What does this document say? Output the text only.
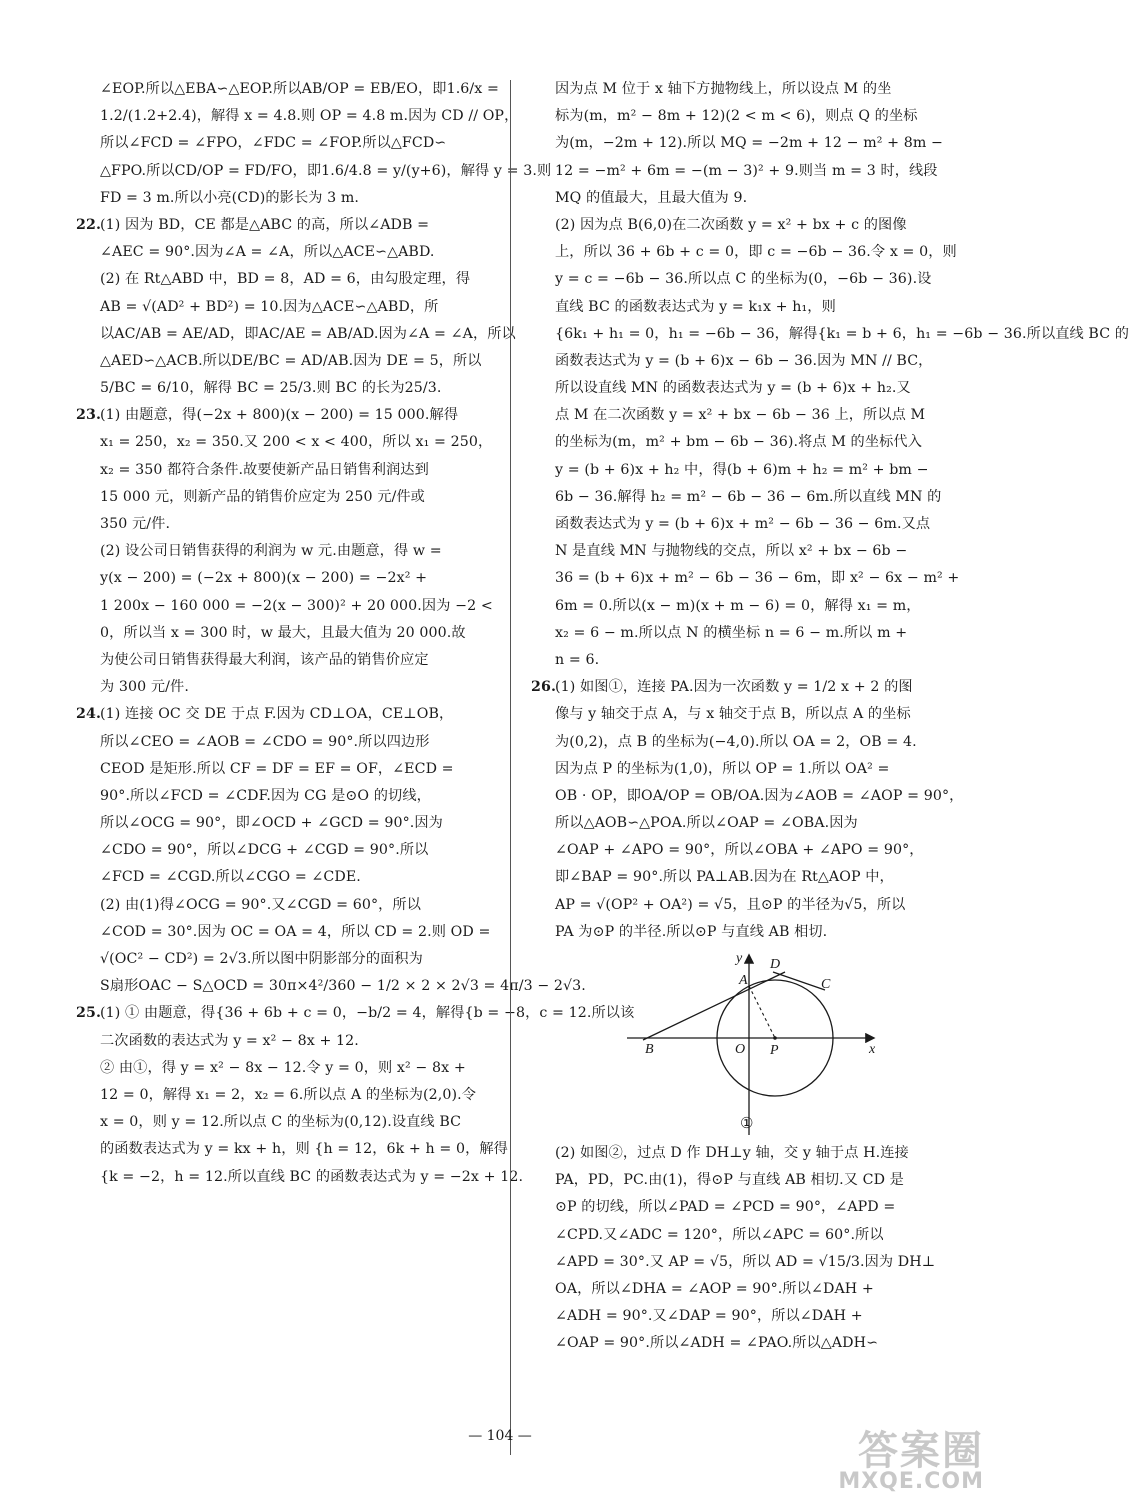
∠EOP.所以△EBA∽△EOP.所以AB/OP = EB/EO，即1.6/x =
1.2/(1.2+2.4)，解得 x = 4.8.则 OP = 4.8 m.因为 CD // OP，
所以∠FCD = ∠FPO，∠FDC = ∠FOP.所以△FCD∽
△FPO.所以CD/OP = FD/FO，即1.6/4.8 = y/(y+6)，解得 y = 3.则
FD = 3 m.所以小亮(CD)的影长为 3 m.
22.(1) 因为 BD，CE 都是△ABC 的高，所以∠ADB =
∠AEC = 90°.因为∠A = ∠A，所以△ACE∽△ABD.
(2) 在 Rt△ABD 中，BD = 8，AD = 6，由勾股定理，得
AB = √(AD² + BD²) = 10.因为△ACE∽△ABD，所
以AC/AB = AE/AD，即AC/AE = AB/AD.因为∠A = ∠A，所以
△AED∽△ACB.所以DE/BC = AD/AB.因为 DE = 5，所以
5/BC = 6/10，解得 BC = 25/3.则 BC 的长为25/3.
23.(1) 由题意，得(−2x + 800)(x − 200) = 15 000.解得
x₁ = 250，x₂ = 350.又 200 < x < 400，所以 x₁ = 250，
x₂ = 350 都符合条件.故要使新产品日销售利润达到
15 000 元，则新产品的销售价应定为 250 元/件或
350 元/件.
(2) 设公司日销售获得的利润为 w 元.由题意，得 w =
y(x − 200) = (−2x + 800)(x − 200) = −2x² +
1 200x − 160 000 = −2(x − 300)² + 20 000.因为 −2 <
0，所以当 x = 300 时，w 最大，且最大值为 20 000.故
为使公司日销售获得最大利润，该产品的销售价应定
为 300 元/件.
24.(1) 连接 OC 交 DE 于点 F.因为 CD⊥OA，CE⊥OB，
所以∠CEO = ∠AOB = ∠CDO = 90°.所以四边形
CEOD 是矩形.所以 CF = DF = EF = OF，∠ECD =
90°.所以∠FCD = ∠CDF.因为 CG 是⊙O 的切线，
所以∠OCG = 90°，即∠OCD + ∠GCD = 90°.因为
∠CDO = 90°，所以∠DCG + ∠CGD = 90°.所以
∠FCD = ∠CGD.所以∠CGO = ∠CDE.
(2) 由(1)得∠OCG = 90°.又∠CGD = 60°，所以
∠COD = 30°.因为 OC = OA = 4，所以 CD = 2.则 OD =
√(OC² − CD²) = 2√3.所以图中阴影部分的面积为
S扇形OAC − S△OCD = 30π×4²/360 − 1/2 × 2 × 2√3 = 4π/3 − 2√3.
25.(1) ① 由题意，得{36 + 6b + c = 0，−b/2 = 4，解得{b = −8，c = 12.所以该
二次函数的表达式为 y = x² − 8x + 12.
② 由①，得 y = x² − 8x − 12.令 y = 0，则 x² − 8x +
12 = 0，解得 x₁ = 2，x₂ = 6.所以点 A 的坐标为(2,0).令
x = 0，则 y = 12.所以点 C 的坐标为(0,12).设直线 BC
的函数表达式为 y = kx + h，则 {h = 12，6k + h = 0，解得
{k = −2，h = 12.所以直线 BC 的函数表达式为 y = −2x + 12.
因为点 M 位于 x 轴下方抛物线上，所以设点 M 的坐
标为(m，m² − 8m + 12)(2 < m < 6)，则点 Q 的坐标
为(m，−2m + 12).所以 MQ = −2m + 12 − m² + 8m −
12 = −m² + 6m = −(m − 3)² + 9.则当 m = 3 时，线段
MQ 的值最大，且最大值为 9.
(2) 因为点 B(6,0)在二次函数 y = x² + bx + c 的图像
上，所以 36 + 6b + c = 0，即 c = −6b − 36.令 x = 0，则
y = c = −6b − 36.所以点 C 的坐标为(0，−6b − 36).设
直线 BC 的函数表达式为 y = k₁x + h₁，则
{6k₁ + h₁ = 0，h₁ = −6b − 36，解得{k₁ = b + 6，h₁ = −6b − 36.所以直线 BC 的
函数表达式为 y = (b + 6)x − 6b − 36.因为 MN // BC，
所以设直线 MN 的函数表达式为 y = (b + 6)x + h₂.又
点 M 在二次函数 y = x² + bx − 6b − 36 上，所以点 M
的坐标为(m，m² + bm − 6b − 36).将点 M 的坐标代入
y = (b + 6)x + h₂ 中，得(b + 6)m + h₂ = m² + bm −
6b − 36.解得 h₂ = m² − 6b − 36 − 6m.所以直线 MN 的
函数表达式为 y = (b + 6)x + m² − 6b − 36 − 6m.又点
N 是直线 MN 与抛物线的交点，所以 x² + bx − 6b −
36 = (b + 6)x + m² − 6b − 36 − 6m，即 x² − 6x − m² +
6m = 0.所以(x − m)(x + m − 6) = 0，解得 x₁ = m，
x₂ = 6 − m.所以点 N 的横坐标 n = 6 − m.所以 m +
n = 6.
26.(1) 如图①，连接 PA.因为一次函数 y = 1/2 x + 2 的图
像与 y 轴交于点 A，与 x 轴交于点 B，所以点 A 的坐标
为(0,2)，点 B 的坐标为(−4,0).所以 OA = 2，OB = 4.
因为点 P 的坐标为(1,0)，所以 OP = 1.所以 OA² =
OB · OP，即OA/OP = OB/OA.因为∠AOB = ∠AOP = 90°，
所以△AOB∽△POA.所以∠OAP = ∠OBA.因为
∠OAP + ∠APO = 90°，所以∠OBA + ∠APO = 90°，
即∠BAP = 90°.所以 PA⊥AB.因为在 Rt△AOP 中，
AP = √(OP² + OA²) = √5，且⊙P 的半径为√5，所以
PA 为⊙P 的半径.所以⊙P 与直线 AB 相切.
y
x
A
B
C
D
O P
①
(2) 如图②，过点 D 作 DH⊥y 轴，交 y 轴于点 H.连接
PA，PD，PC.由(1)，得⊙P 与直线 AB 相切.又 CD 是
⊙P 的切线，所以∠PAD = ∠PCD = 90°，∠APD =
∠CPD.又∠ADC = 120°，所以∠APC = 60°.所以
∠APD = 30°.又 AP = √5，所以 AD = √15/3.因为 DH⊥
OA，所以∠DHA = ∠AOP = 90°.所以∠DAH +
∠ADH = 90°.又∠DAP = 90°，所以∠DAH +
∠OAP = 90°.所以∠ADH = ∠PAO.所以△ADH∽
— 104 —	答案圈
MXQE.COM
